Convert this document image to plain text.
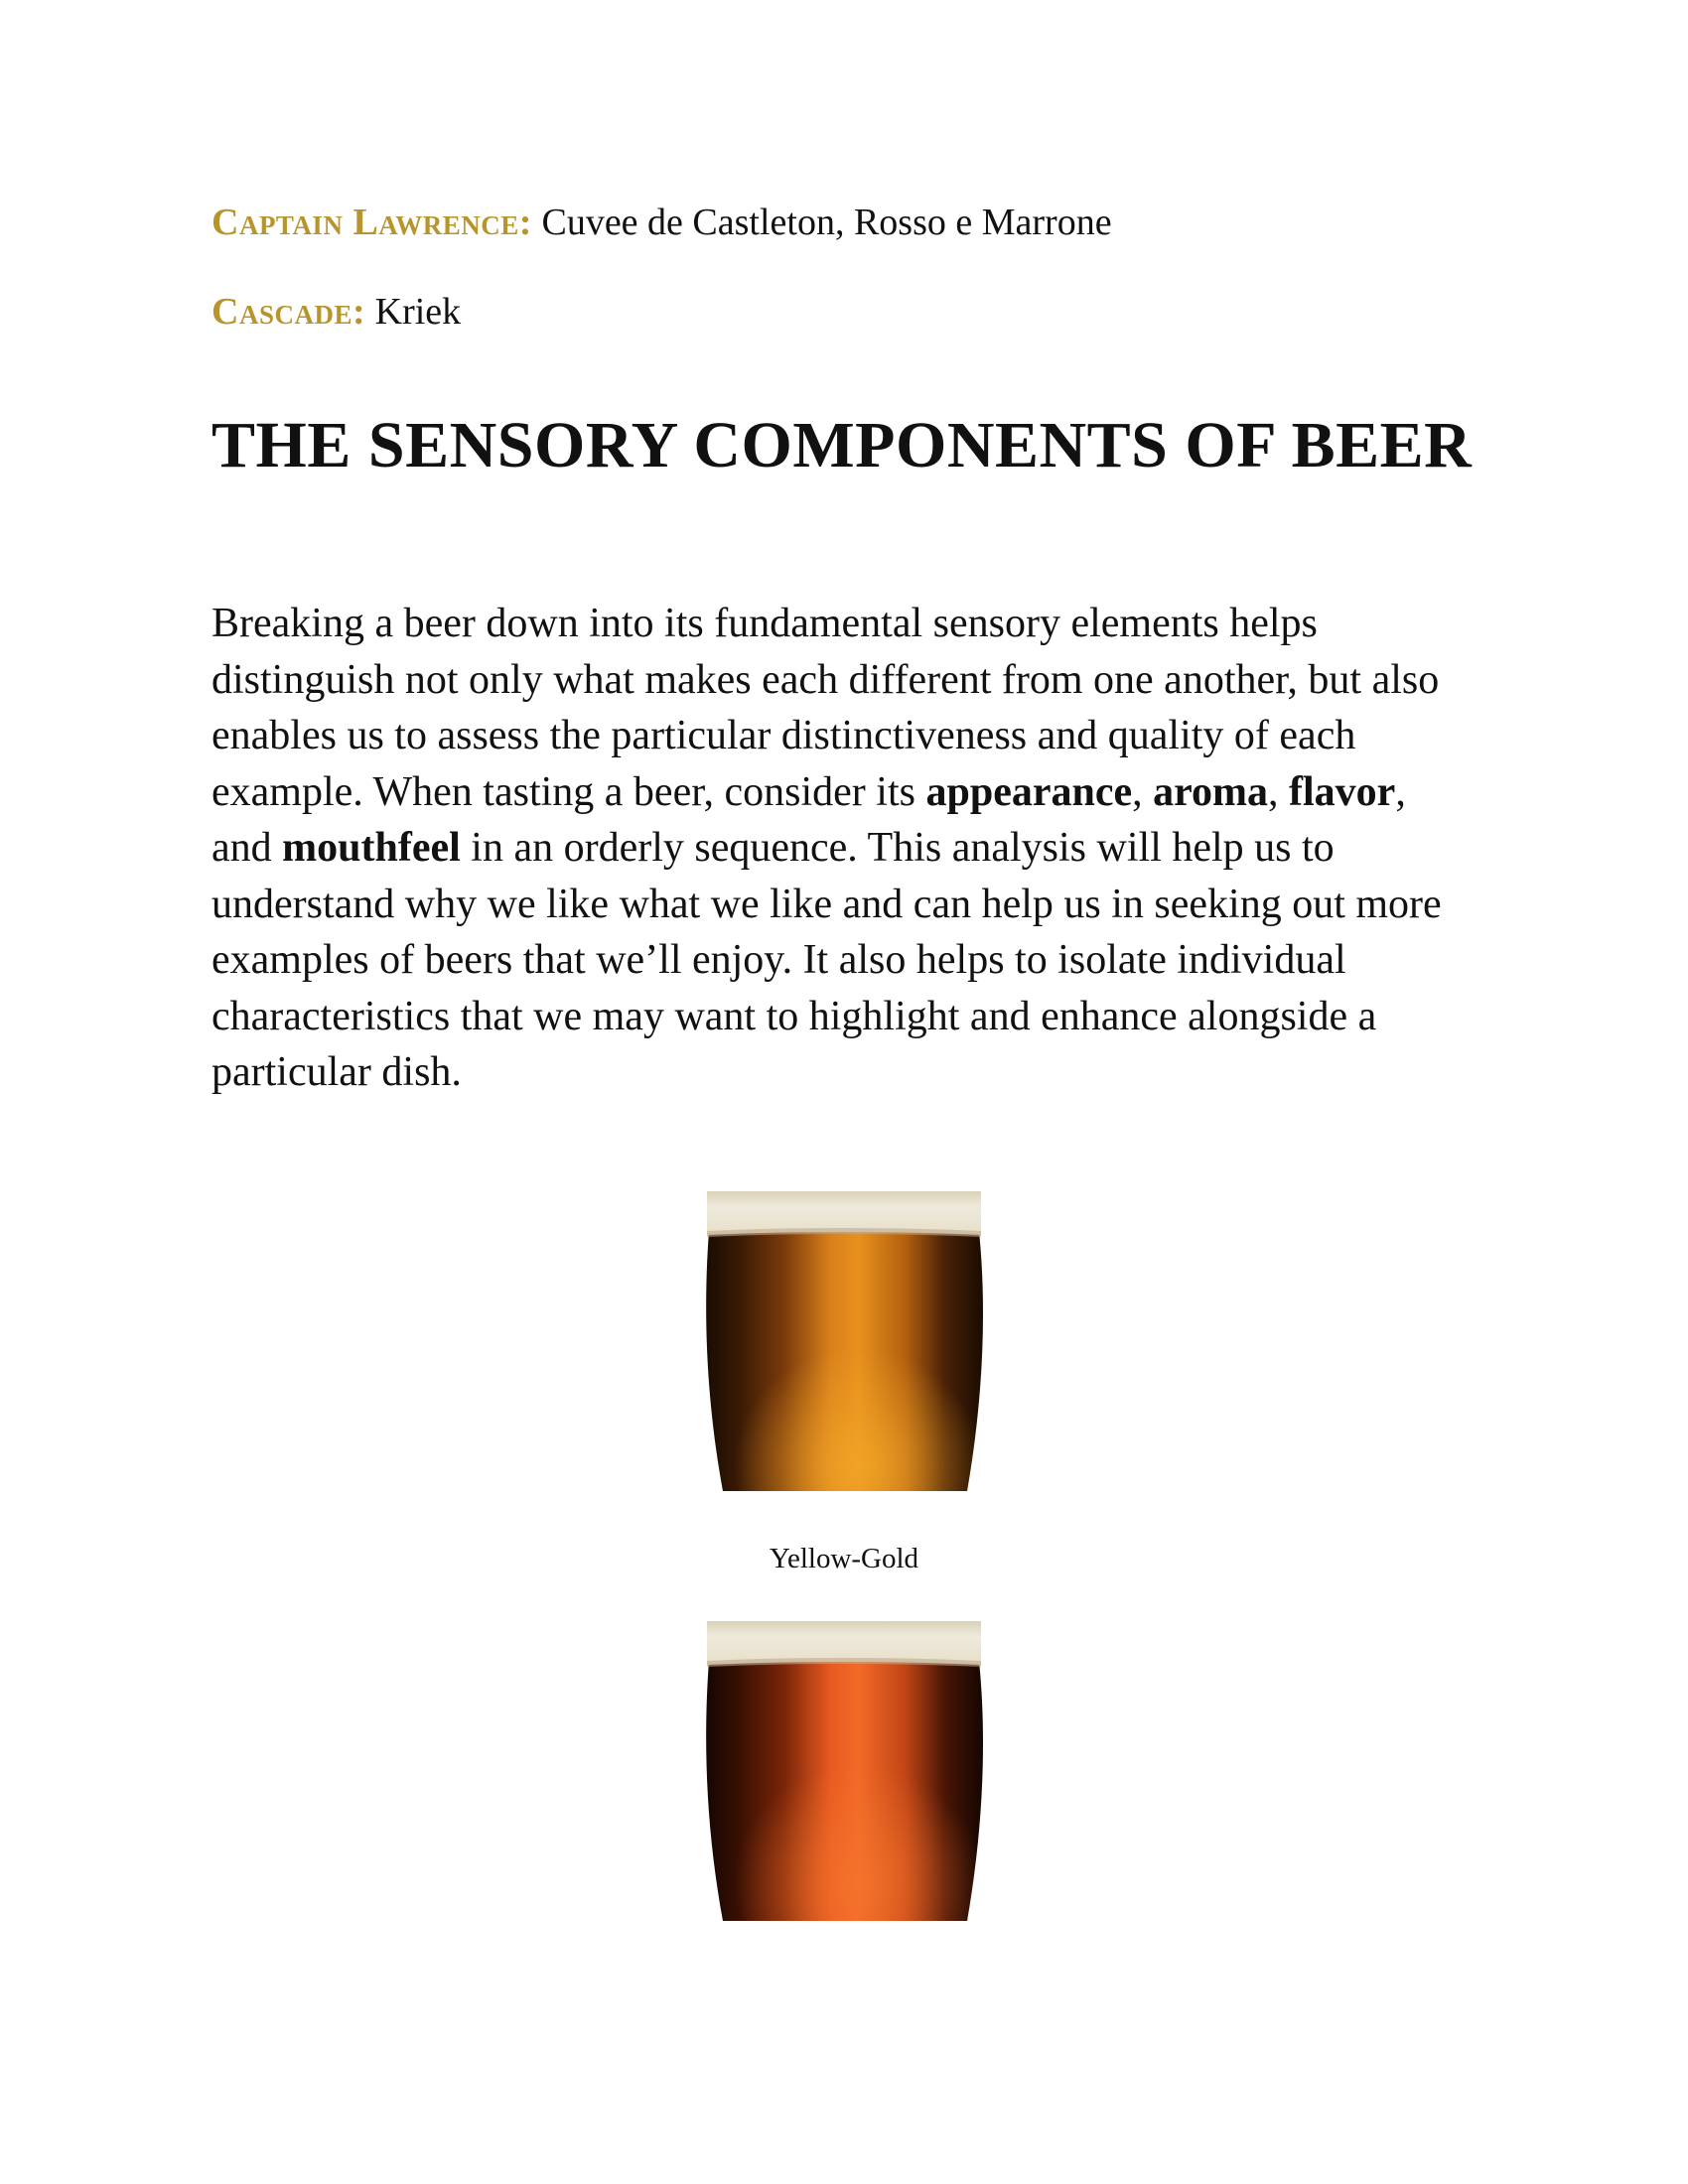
Captain Lawrence: Cuvee de Castleton, Rosso e Marrone
Cascade: Kriek
THE SENSORY COMPONENTS OF BEER

Breaking a beer down into its fundamental sensory elements helps distinguish not only what makes each different from one another, but also enables us to assess the particular distinctiveness and quality of each example. When tasting a beer, consider its appearance, aroma, flavor, and mouthfeel in an orderly sequence. This analysis will help us to understand why we like what we like and can help us in seeking out more examples of beers that we’ll enjoy. It also helps to isolate individual characteristics that we may want to highlight and enhance alongside a particular dish.

Yellow-Gold
